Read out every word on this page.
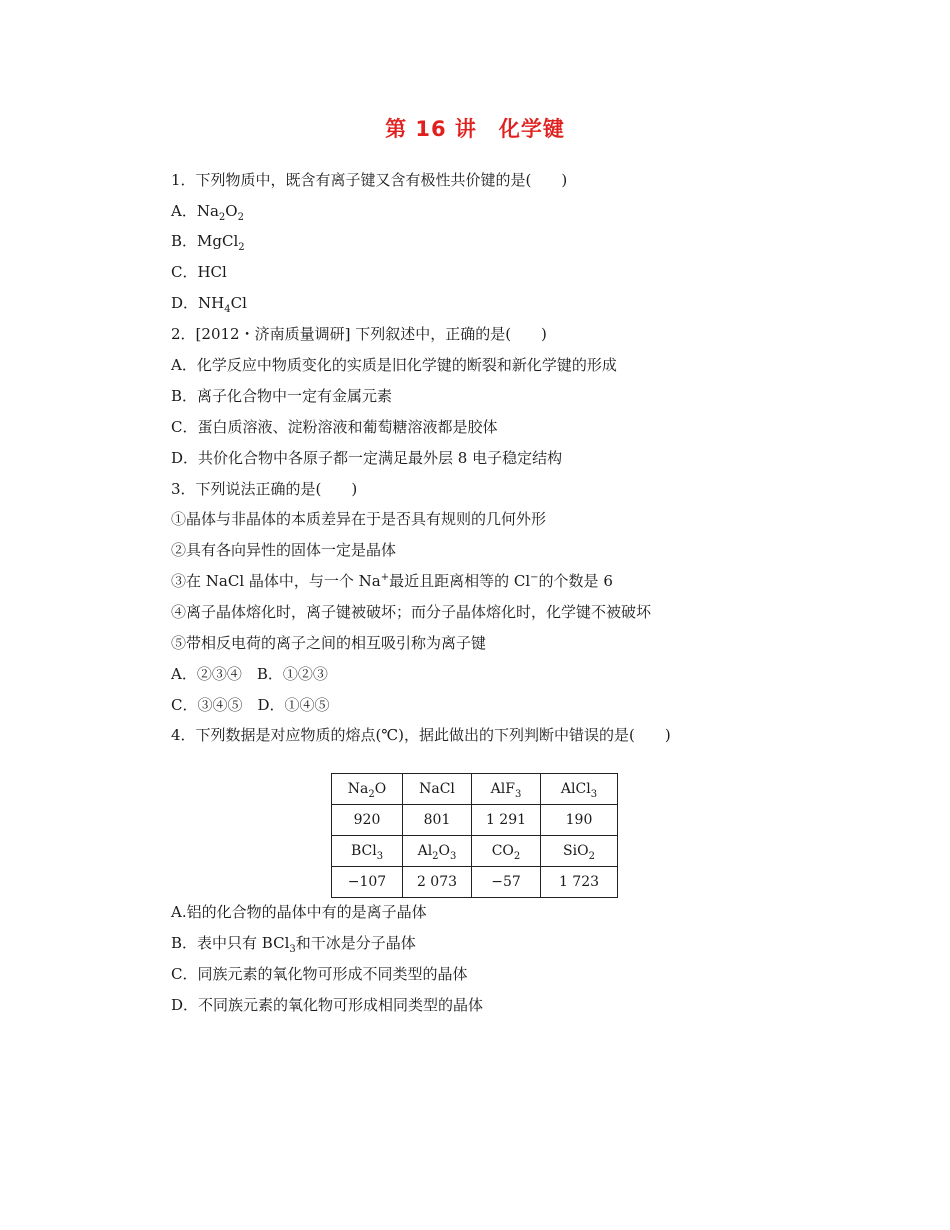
第 16 讲　化学键
1．下列物质中，既含有离子键又含有极性共价键的是(　　)
A．$Na_2O_2$
B．MgCl$_2$
C．HCl
D．$NH_4Cl$
2．[2012・济南质量调研] 下列叙述中，正确的是(　　)
A．化学反应中物质变化的实质是旧化学键的断裂和新化学键的形成
B．离子化合物中一定有金属元素
C．蛋白质溶液、淀粉溶液和葡萄糖溶液都是胶体
D．共价化合物中各原子都一定满足最外层 8 电子稳定结构
3．下列说法正确的是(　　)
①晶体与非晶体的本质差异在于是否具有规则的几何外形
②具有各向异性的固体一定是晶体
③在 NaCl 晶体中，与一个 Na+最近且距离相等的 Cl−的个数是 6
④离子晶体熔化时，离子键被破坏；而分子晶体熔化时，化学键不被破坏
⑤带相反电荷的离子之间的相互吸引称为离子键
A．②③④　B．①②③
C．③④⑤　D．①④⑤
4．下列数据是对应物质的熔点(℃)，据此做出的下列判断中错误的是(　　)
$Na_2O$	NaCl	AlF$_3$	AlCl$_3$
920	801	1 291	190
BCl$_3$	$Al_2O_3$	$CO_2$	SiO$_2$
−107	2 073	−57	1 723
A.铝的化合物的晶体中有的是离子晶体
B．表中只有 BCl$_3$和干冰是分子晶体
C．同族元素的氧化物可形成不同类型的晶体
D．不同族元素的氧化物可形成相同类型的晶体
